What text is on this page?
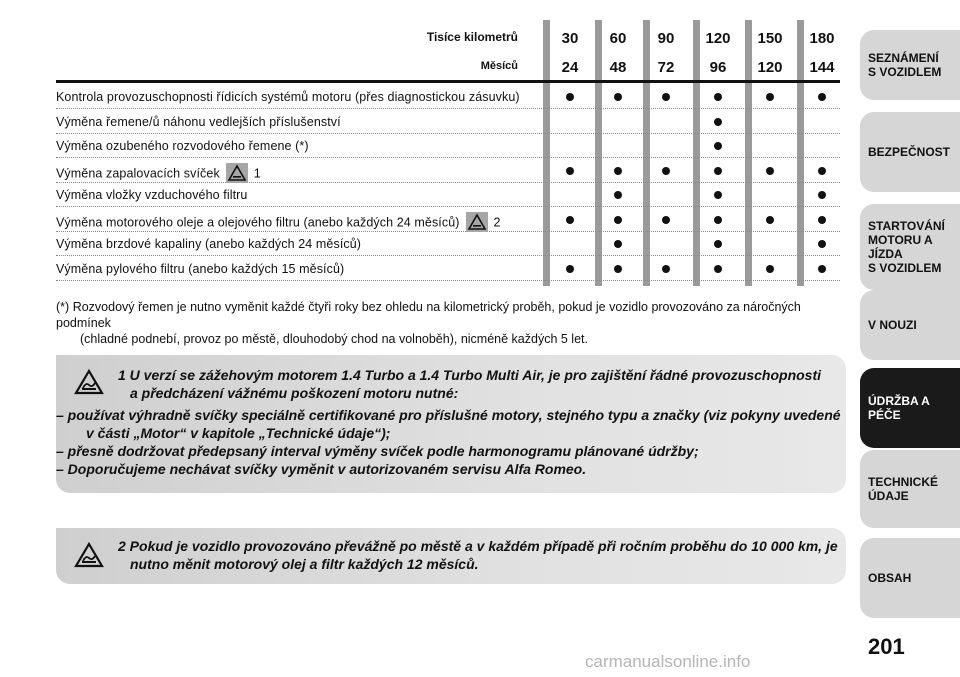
Tisíce kilometrů
Měsíců
30
24
60
48
90
72
120
96
150
120
180
144
Kontrola provozuschopnosti řídicích systémů motoru (přes diagnostickou zásuvku)
Výměna řemene/ů náhonu vedlejších příslušenství
Výměna ozubeného rozvodového řemene (*)
Výměna zapalovacích svíček	1
Výměna vložky vzduchového filtru
Výměna motorového oleje a olejového filtru (anebo každých 24 měsíců)	2
Výměna brzdové kapaliny (anebo každých 24 měsíců)
Výměna pylového filtru (anebo každých 15 měsíců)
(*) Rozvodový řemen je nutno vyměnit každé čtyři roky bez ohledu na kilometrický proběh, pokud je vozidlo provozováno za náročných podmínek
(chladné podnebí, provoz po městě, dlouhodobý chod na volnoběh), nicméně každých 5 let.
1 U verzí se zážehovým motorem 1.4 Turbo a 1.4 Turbo Multi Air, je pro zajištění řádné provozuschopnosti
a předcházení vážnému poškození motoru nutné:
– používat výhradně svíčky speciálně certifikované pro příslušné motory, stejného typu a značky (viz pokyny uvedené
v části „Motor“ v kapitole „Technické údaje“);
– přesně dodržovat předepsaný interval výměny svíček podle harmonogramu plánované údržby;
– Doporučujeme nechávat svíčky vyměnit v autorizovaném servisu Alfa Romeo.
2 Pokud je vozidlo provozováno převážně po městě a v každém případě při ročním proběhu do 10 000 km, je
nutno měnit motorový olej a filtr každých 12 měsíců.
SEZNÁMENÍ
S VOZIDLEM
BEZPEČNOST
STARTOVÁNÍ
MOTORU A JÍZDA
S VOZIDLEM
V NOUZI
ÚDRŽBA A PÉČE
TECHNICKÉ
ÚDAJE
OBSAH
201
carmanualsonline.info
